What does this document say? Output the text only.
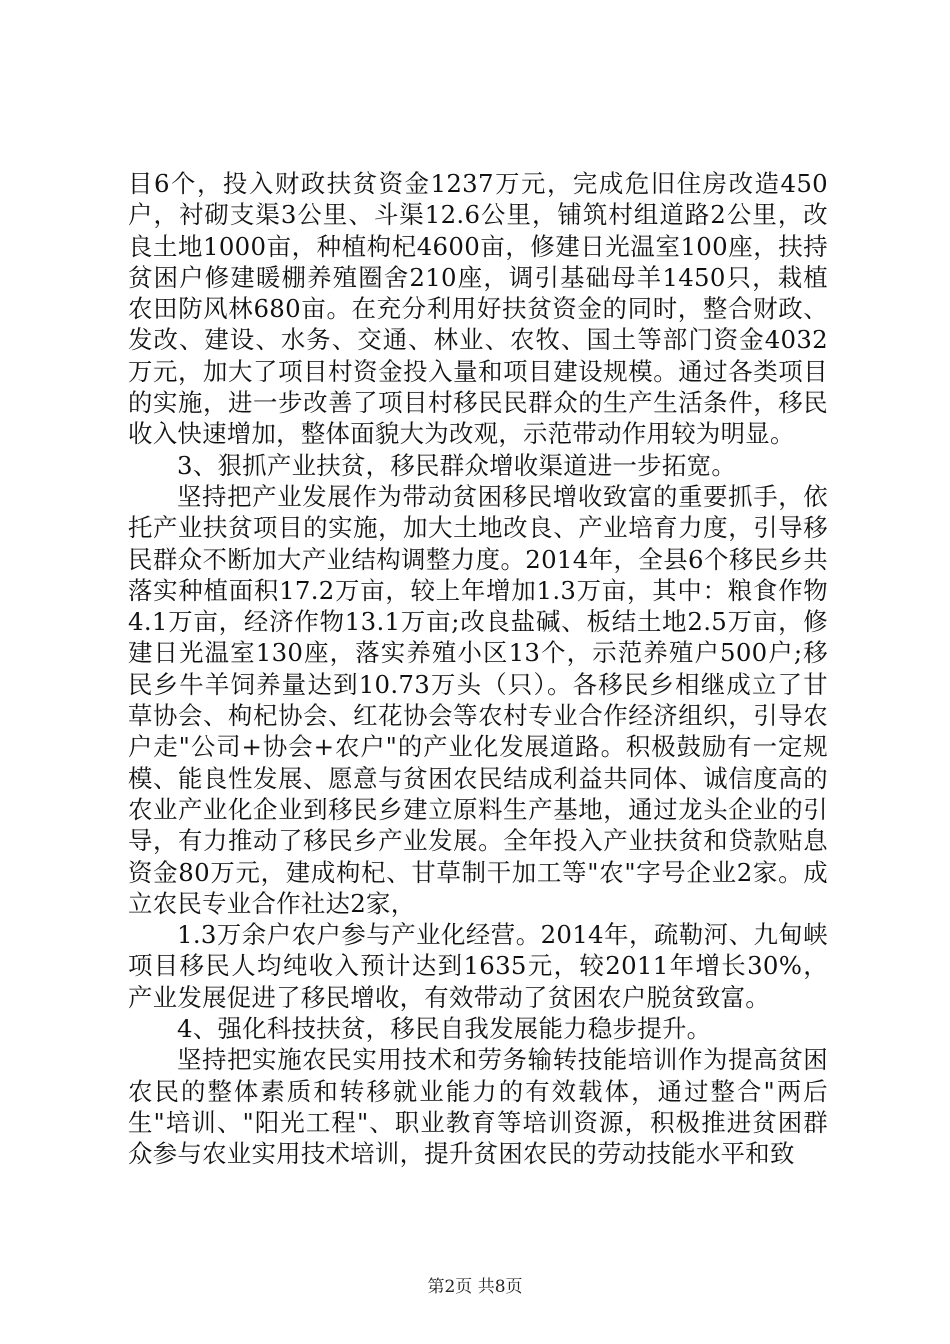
目6个，投入财政扶贫资金1237万元，完成危旧住房改造450户，衬砌支渠3公里、斗渠12.6公里，铺筑村组道路2公里，改良土地1000亩，种植枸杞4600亩，修建日光温室100座，扶持贫困户修建暖棚养殖圈舍210座，调引基础母羊1450只，栽植农田防风林680亩。在充分利用好扶贫资金的同时，整合财政、发改、建设、水务、交通、林业、农牧、国土等部门资金4032万元，加大了项目村资金投入量和项目建设规模。通过各类项目的实施，进一步改善了项目村移民民群众的生产生活条件，移民收入快速增加，整体面貌大为改观，示范带动作用较为明显。

3、狠抓产业扶贫，移民群众增收渠道进一步拓宽。

坚持把产业发展作为带动贫困移民增收致富的重要抓手，依托产业扶贫项目的实施，加大土地改良、产业培育力度，引导移民群众不断加大产业结构调整力度。2014年，全县6个移民乡共落实种植面积17.2万亩，较上年增加1.3万亩，其中：粮食作物4.1万亩，经济作物13.1万亩;改良盐碱、板结土地2.5万亩，修建日光温室130座，落实养殖小区13个，示范养殖户500户;移民乡牛羊饲养量达到10.73万头（只）。各移民乡相继成立了甘草协会、枸杞协会、红花协会等农村专业合作经济组织，引导农户走"公司+协会+农户"的产业化发展道路。积极鼓励有一定规模、能良性发展、愿意与贫困农民结成利益共同体、诚信度高的农业产业化企业到移民乡建立原料生产基地，通过龙头企业的引导，有力推动了移民乡产业发展。全年投入产业扶贫和贷款贴息资金80万元，建成枸杞、甘草制干加工等"农"字号企业2家。成立农民专业合作社达2家，

1.3万余户农户参与产业化经营。2014年，疏勒河、九甸峡项目移民人均纯收入预计达到1635元，较2011年增长30%，产业发展促进了移民增收，有效带动了贫困农户脱贫致富。

4、强化科技扶贫，移民自我发展能力稳步提升。

坚持把实施农民实用技术和劳务输转技能培训作为提高贫困农民的整体素质和转移就业能力的有效载体，通过整合"两后生"培训、"阳光工程"、职业教育等培训资源，积极推进贫困群众参与农业实用技术培训，提升贫困农民的劳动技能水平和致

第2页 共8页
